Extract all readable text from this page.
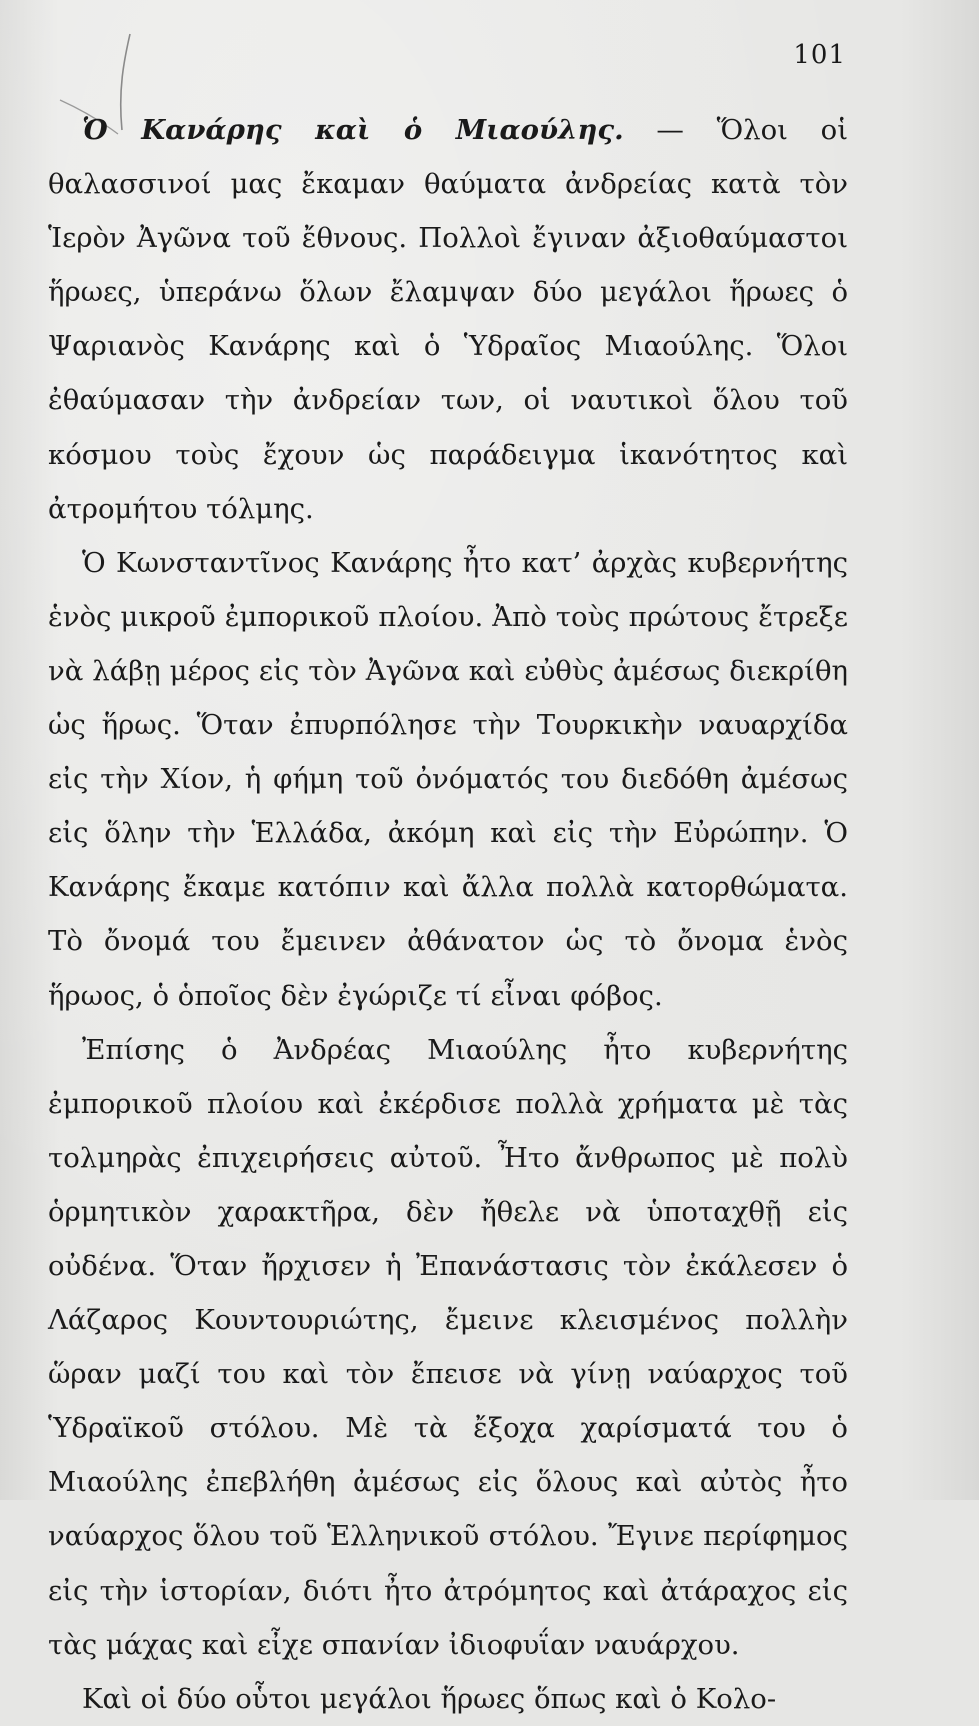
101

Ὁ Κανάρης καὶ ὁ Μιαούλης. — Ὅλοι οἱ θαλασσινοί μας ἔκαμαν θαύματα ἀνδρείας κατὰ τὸν Ἱερὸν Ἀγῶνα τοῦ ἔθνους. Πολλοὶ ἔγιναν ἀξιοθαύμαστοι ἥρωες, ὑπεράνω ὅλων ἔλαμψαν δύο μεγάλοι ἥρωες ὁ Ψαριανὸς Κανάρης καὶ ὁ Ὑδραῖος Μιαούλης. Ὅλοι ἐθαύμασαν τὴν ἀνδρείαν των, οἱ ναυτικοὶ ὅλου τοῦ κόσμου τοὺς ἔχουν ὡς παράδειγμα ἱκανότητος καὶ ἀτρομήτου τόλμης.

Ὁ Κωνσταντῖνος Κανάρης ἦτο κατ’ ἀρχὰς κυβερνήτης ἑνὸς μικροῦ ἐμπορικοῦ πλοίου. Ἀπὸ τοὺς πρώτους ἔτρεξε νὰ λάβῃ μέρος εἰς τὸν Ἀγῶνα καὶ εὐθὺς ἀμέσως διεκρίθη ὡς ἥρως. Ὅταν ἐπυρπόλησε τὴν Τουρκικὴν ναυαρχίδα εἰς τὴν Χίον, ἡ φήμη τοῦ ὀνόματός του διεδόθη ἀμέσως εἰς ὅλην τὴν Ἑλλάδα, ἀκόμη καὶ εἰς τὴν Εὐρώπην. Ὁ Κανάρης ἔκαμε κατόπιν καὶ ἄλλα πολλὰ κατορθώματα. Τὸ ὄνομά του ἔμεινεν ἀθάνατον ὡς τὸ ὄνομα ἑνὸς ἥρωος, ὁ ὁποῖος δὲν ἐγώριζε τί εἶναι φόβος.

Ἐπίσης ὁ Ἀνδρέας Μιαούλης ἦτο κυβερνήτης ἐμπορικοῦ πλοίου καὶ ἐκέρδισε πολλὰ χρήματα μὲ τὰς τολμηρὰς ἐπιχειρήσεις αὐτοῦ. Ἦτο ἄνθρωπος μὲ πολὺ ὁρμητικὸν χαρακτῆρα, δὲν ἤθελε νὰ ὑποταχθῇ εἰς οὐδένα. Ὅταν ἤρχισεν ἡ Ἐπανάστασις τὸν ἐκάλεσεν ὁ Λάζαρος Κουντουριώτης, ἔμεινε κλεισμένος πολλὴν ὥραν μαζί του καὶ τὸν ἔπεισε νὰ γίνῃ ναύαρχος τοῦ Ὑδραϊκοῦ στόλου. Μὲ τὰ ἔξοχα χαρίσματά του ὁ Μιαούλης ἐπεβλήθη ἀμέσως εἰς ὅλους καὶ αὐτὸς ἦτο ναύαρχος ὅλου τοῦ Ἑλληνικοῦ στόλου. Ἔγινε περίφημος εἰς τὴν ἱστορίαν, διότι ἦτο ἀτρόμητος καὶ ἀτάραχος εἰς τὰς μάχας καὶ εἶχε σπανίαν ἰδιοφυΐαν ναυάρχου.

Καὶ οἱ δύο οὗτοι μεγάλοι ἥρωες ὅπως καὶ ὁ Κολο-
